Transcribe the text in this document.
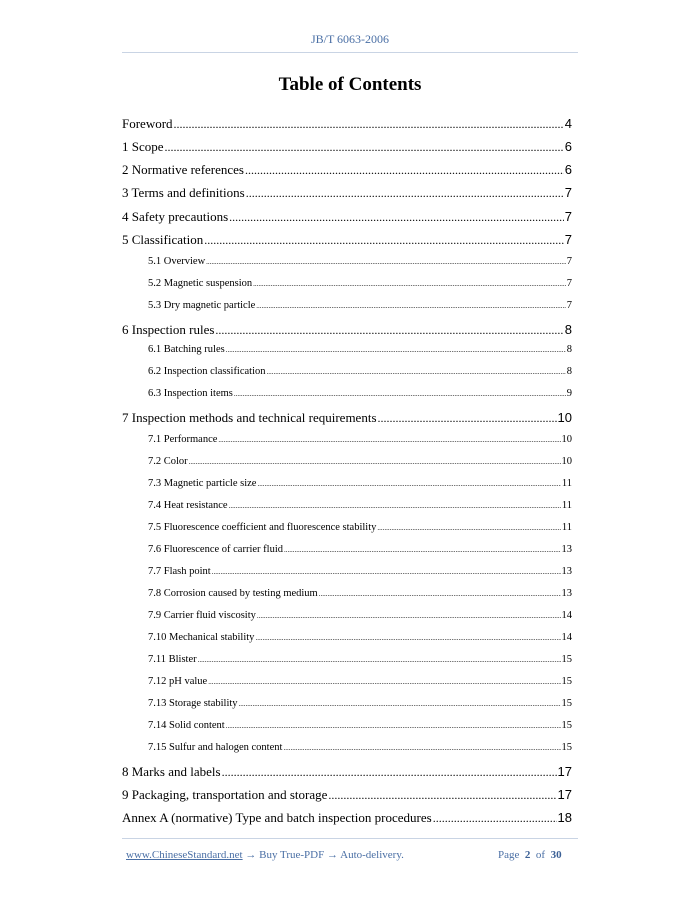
JB/T 6063-2006
Table of Contents
Foreword .....	4
1 Scope .....	6
2 Normative references .....	6
3 Terms and definitions .....	7
4 Safety precautions .....	7
5 Classification .....	7
5.1 Overview .....	7
5.2 Magnetic suspension .....	7
5.3 Dry magnetic particle .....	7
6 Inspection rules .....	8
6.1 Batching rules .....	8
6.2 Inspection classification .....	8
6.3 Inspection items .....	9
7 Inspection methods and technical requirements .....	10
7.1 Performance .....	10
7.2 Color .....	10
7.3 Magnetic particle size .....	11
7.4 Heat resistance .....	11
7.5 Fluorescence coefficient and fluorescence stability .....	11
7.6 Fluorescence of carrier fluid .....	13
7.7 Flash point .....	13
7.8 Corrosion caused by testing medium .....	13
7.9 Carrier fluid viscosity .....	14
7.10 Mechanical stability .....	14
7.11 Blister .....	15
7.12 pH value .....	15
7.13 Storage stability .....	15
7.14 Solid content .....	15
7.15 Sulfur and halogen content .....	15
8 Marks and labels .....	17
9 Packaging, transportation and storage .....	17
Annex A (normative) Type and batch inspection procedures .....	18
www.ChineseStandard.net → Buy True-PDF → Auto-delivery.	Page 2 of 30
